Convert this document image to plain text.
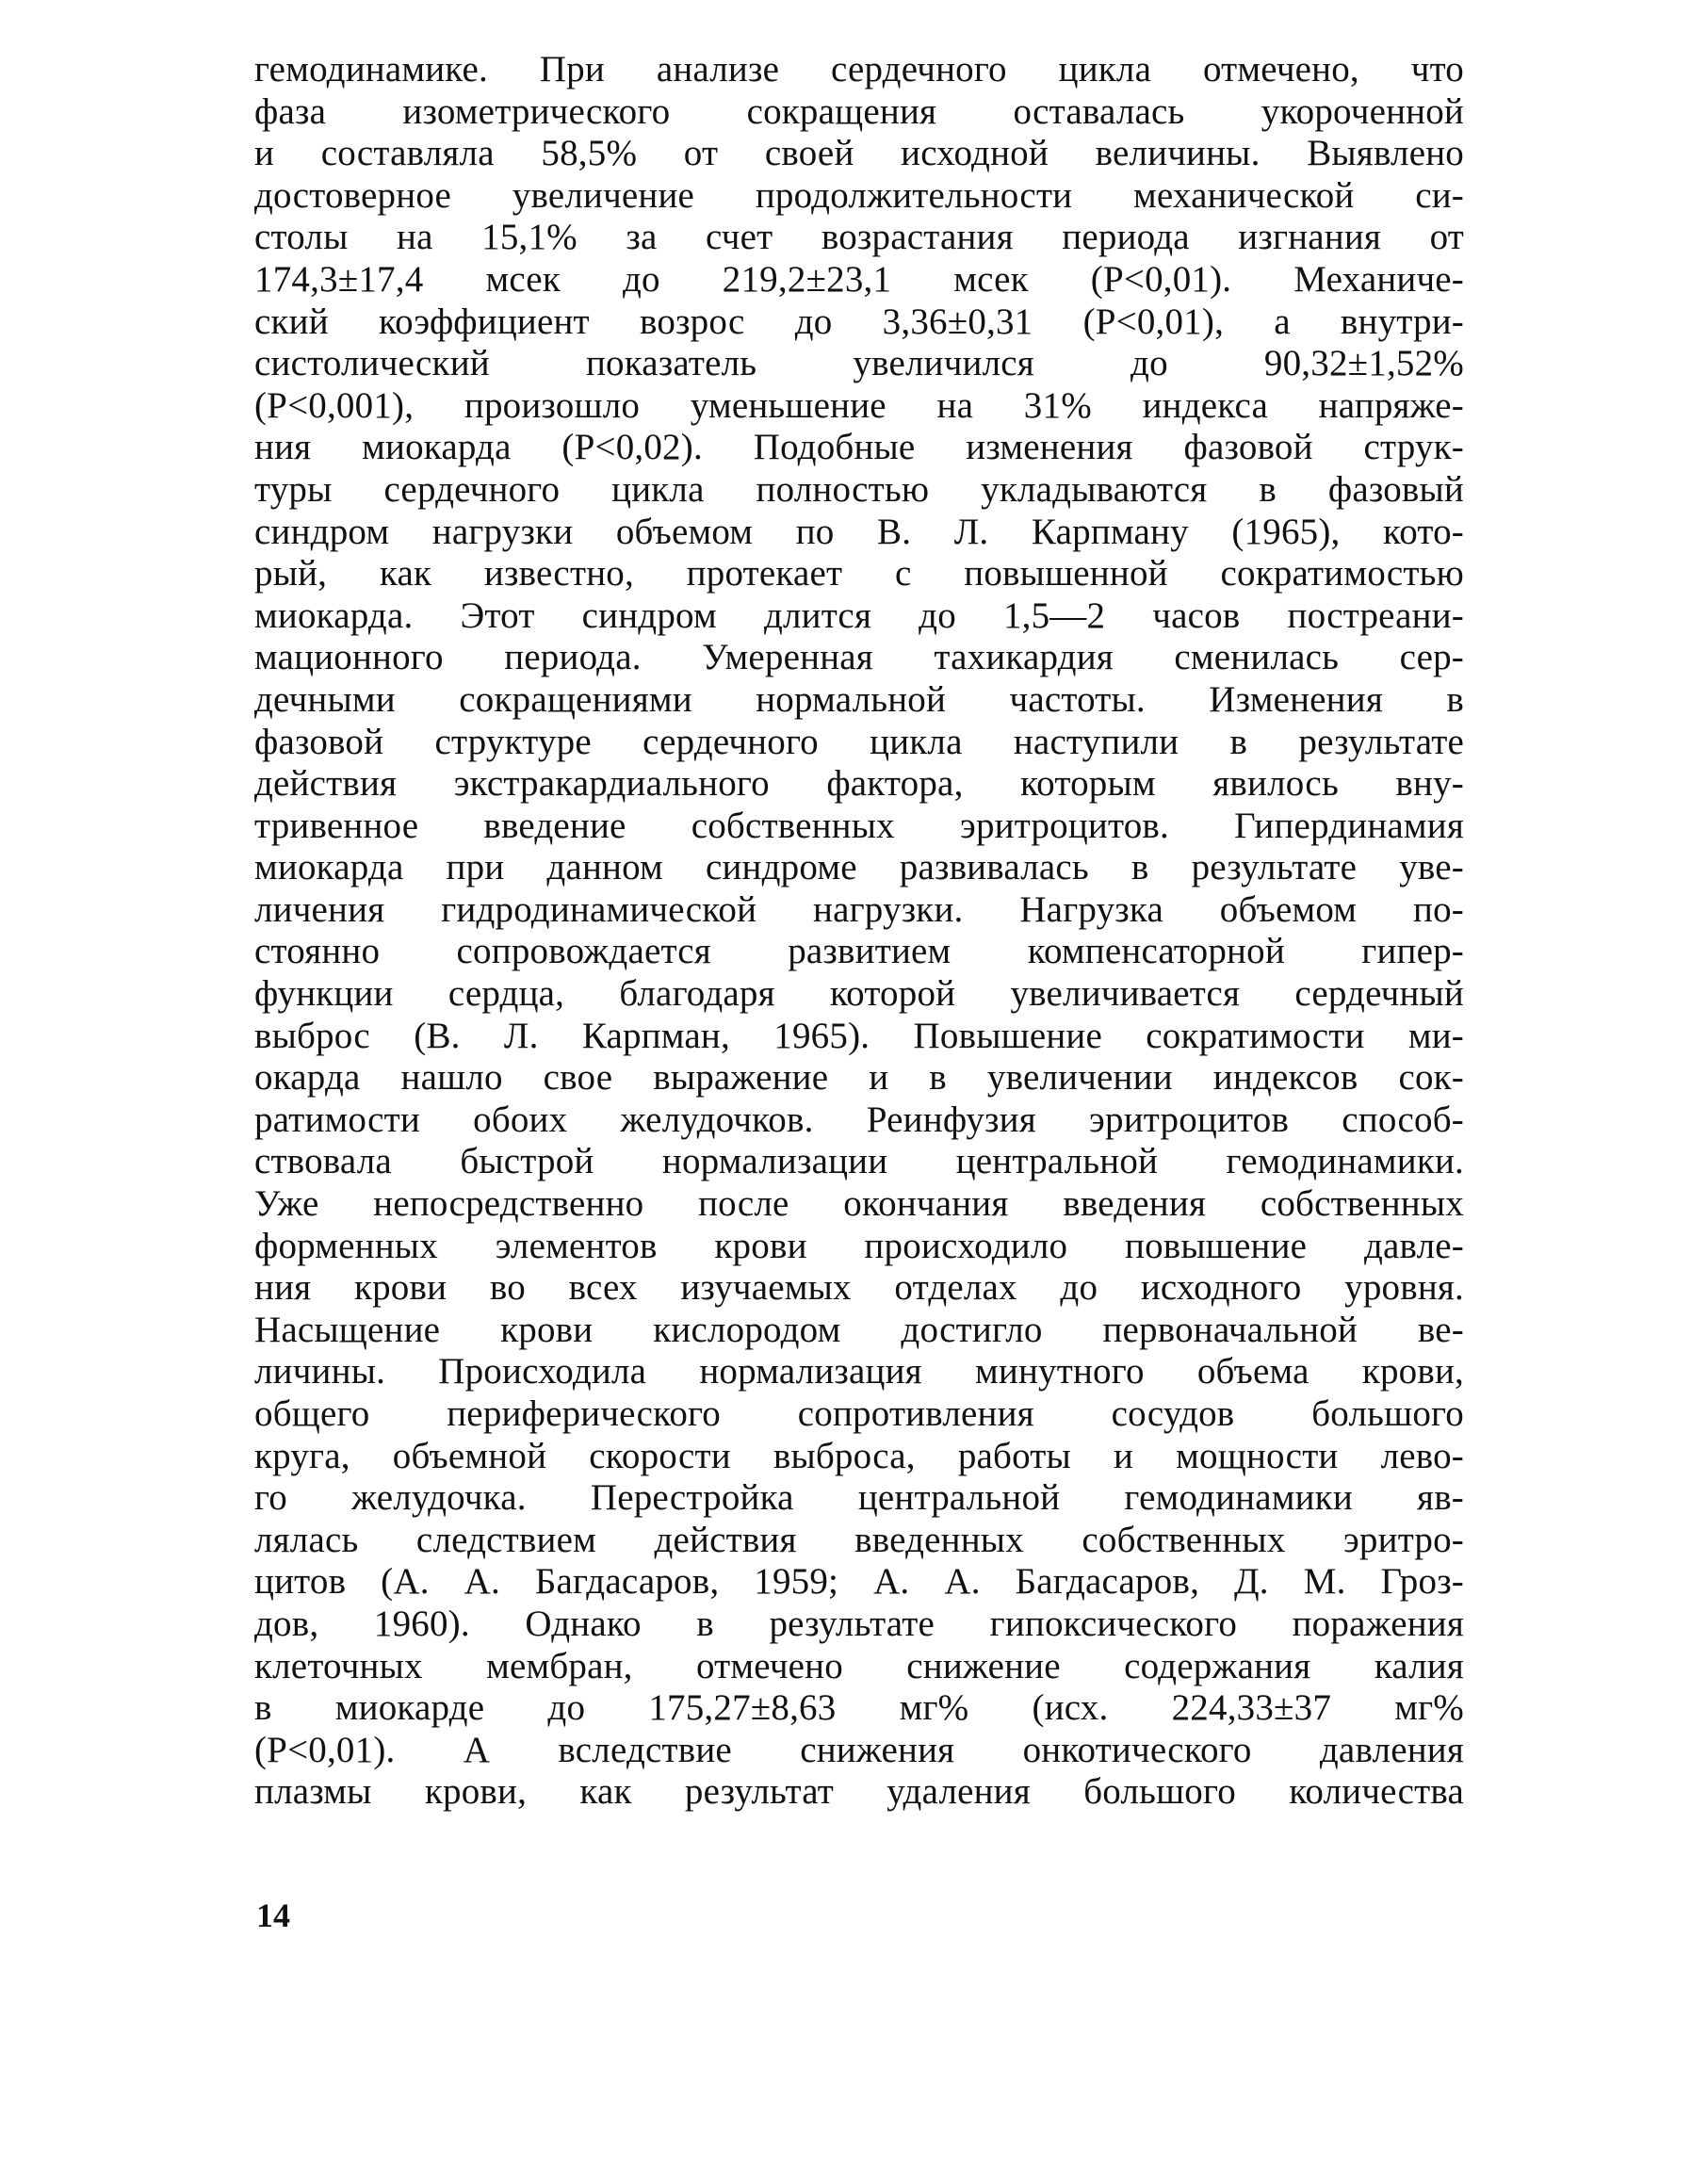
гемодинамике. При анализе сердечного цикла отмечено, что
фаза изометрического сокращения оставалась укороченной
и составляла 58,5% от своей исходной величины. Выявлено
достоверное увеличение продолжительности механической си-
столы на 15,1% за счет возрастания периода изгнания от
174,3±17,4 мсек до 219,2±23,1 мсек (P<0,01). Механиче-
ский коэффициент возрос до 3,36±0,31 (P<0,01), а внутри-
систолический показатель увеличился до 90,32±1,52%
(P<0,001), произошло уменьшение на 31% индекса напряже-
ния миокарда (P<0,02). Подобные изменения фазовой струк-
туры сердечного цикла полностью укладываются в фазовый
синдром нагрузки объемом по В. Л. Карпману (1965), кото-
рый, как известно, протекает с повышенной сократимостью
миокарда. Этот синдром длится до 1,5—2 часов постреани-
мационного периода. Умеренная тахикардия сменилась сер-
дечными сокращениями нормальной частоты. Изменения в
фазовой структуре сердечного цикла наступили в результате
действия экстракардиального фактора, которым явилось вну-
тривенное введение собственных эритроцитов. Гипердинамия
миокарда при данном синдроме развивалась в результате уве-
личения гидродинамической нагрузки. Нагрузка объемом по-
стоянно сопровождается развитием компенсаторной гипер-
функции сердца, благодаря которой увеличивается сердечный
выброс (В. Л. Карпман, 1965). Повышение сократимости ми-
окарда нашло свое выражение и в увеличении индексов сок-
ратимости обоих желудочков. Реинфузия эритроцитов способ-
ствовала быстрой нормализации центральной гемодинамики.
Уже непосредственно после окончания введения собственных
форменных элементов крови происходило повышение давле-
ния крови во всех изучаемых отделах до исходного уровня.
Насыщение крови кислородом достигло первоначальной ве-
личины. Происходила нормализация минутного объема крови,
общего периферического сопротивления сосудов большого
круга, объемной скорости выброса, работы и мощности лево-
го желудочка. Перестройка центральной гемодинамики яв-
лялась следствием действия введенных собственных эритро-
цитов (А. А. Багдасаров, 1959; А. А. Багдасаров, Д. М. Гроз-
дов, 1960). Однако в результате гипоксического поражения
клеточных мембран, отмечено снижение содержания калия
в миокарде до 175,27±8,63 мг% (исх. 224,33±37 мг%
(P<0,01). А вследствие снижения онкотического давления
плазмы крови, как результат удаления большого количества
14
